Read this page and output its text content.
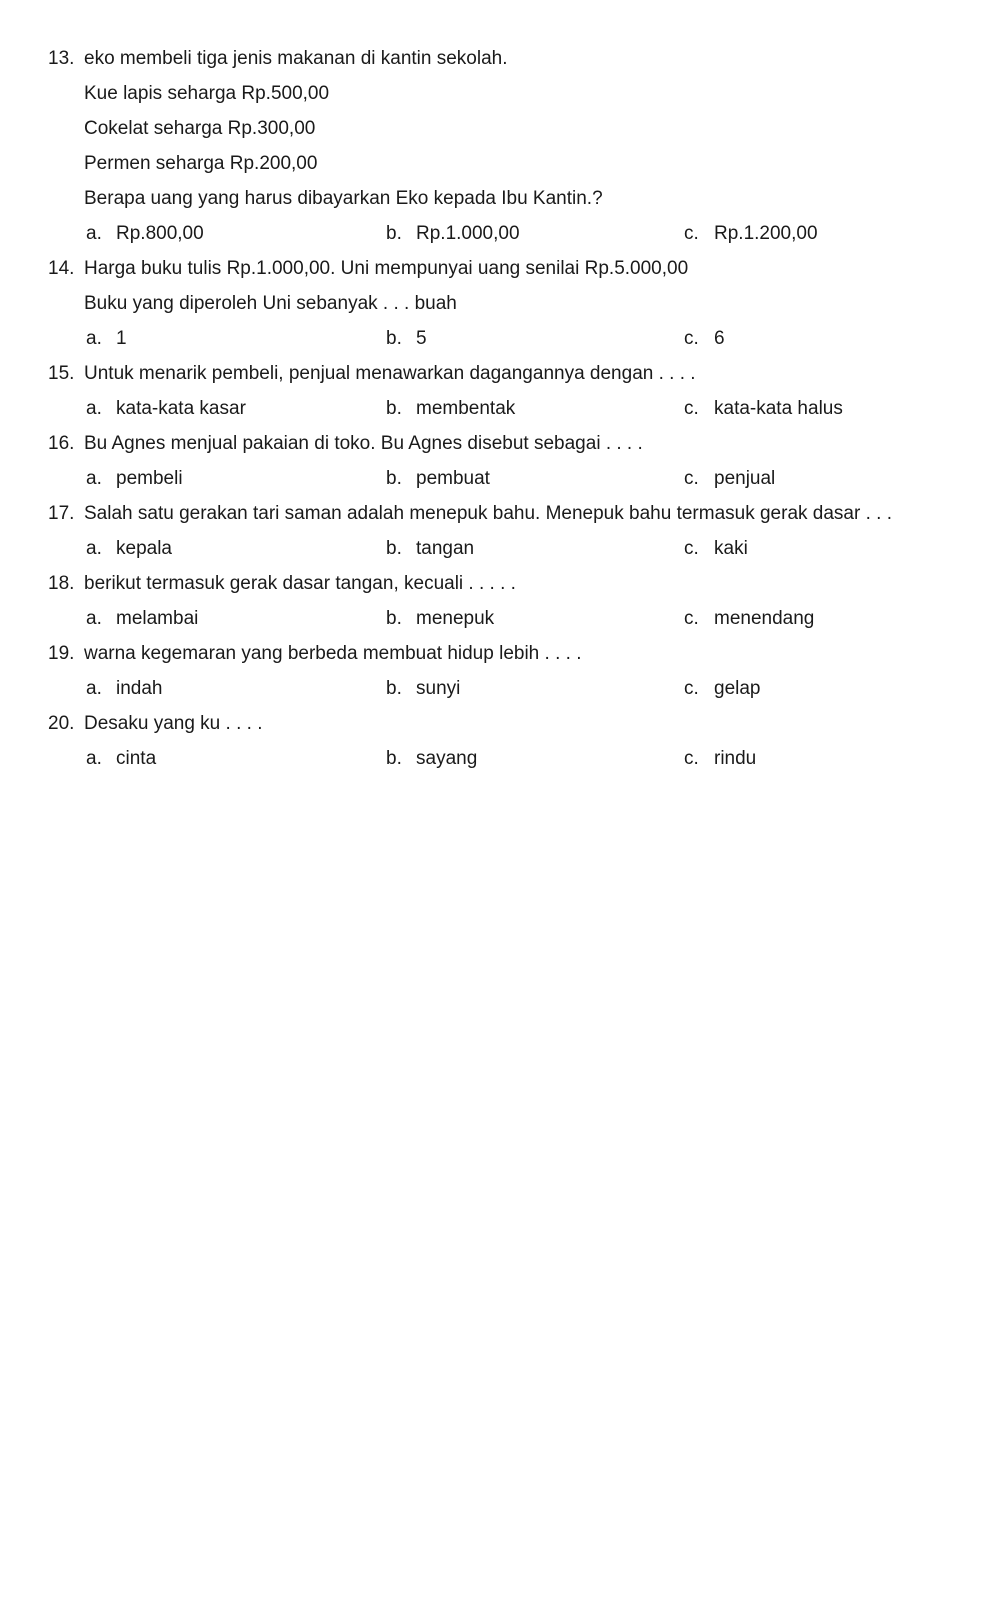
13. eko membeli tiga jenis makanan di kantin sekolah.
Kue lapis seharga Rp.500,00
Cokelat seharga Rp.300,00
Permen seharga Rp.200,00
Berapa uang yang harus dibayarkan Eko kepada Ibu Kantin.?
a. Rp.800,00	b. Rp.1.000,00	c. Rp.1.200,00
14. Harga buku tulis Rp.1.000,00. Uni mempunyai uang senilai Rp.5.000,00
Buku yang diperoleh Uni sebanyak . . . buah
a. 1	b. 5	c. 6
15. Untuk menarik pembeli, penjual menawarkan dagangannya dengan . . . .
a. kata-kata kasar	b. membentak	c. kata-kata halus
16. Bu Agnes menjual pakaian di toko. Bu Agnes disebut sebagai . . . .
a. pembeli	b. pembuat	c. penjual
17. Salah satu gerakan tari saman adalah menepuk bahu. Menepuk bahu termasuk gerak dasar . . .
a. kepala	b. tangan	c. kaki
18. berikut termasuk gerak dasar tangan, kecuali . . . . .
a. melambai	b. menepuk	c. menendang
19. warna kegemaran yang berbeda membuat hidup lebih . . . .
a. indah	b. sunyi	c. gelap
20. Desaku yang ku . . . .
a. cinta	b. sayang	c. rindu
